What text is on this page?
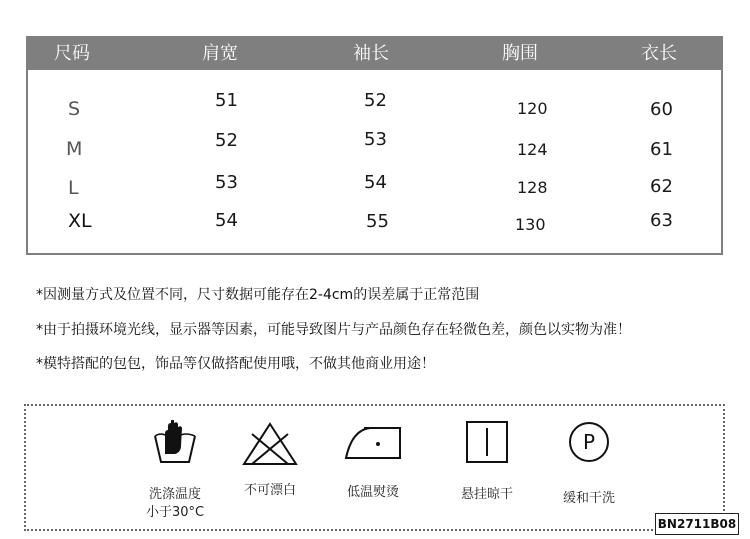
尺码	肩宽	袖长	胸围	衣长
S	51	52	120	60
M	52	53	124	61
L	53	54	128	62
XL	54	55	130	63
*因测量方式及位置不同，尺寸数据可能存在2-4cm的误差属于正常范围
*由于拍摄环境光线，显示器等因素，可能导致图片与产品颜色存在轻微色差，颜色以实物为准！
*模特搭配的包包，饰品等仅做搭配使用哦，不做其他商业用途！
洗涤温度
小于30°C
不可漂白	低温熨烫	悬挂晾干
P
缓和干洗
BN2711B08
